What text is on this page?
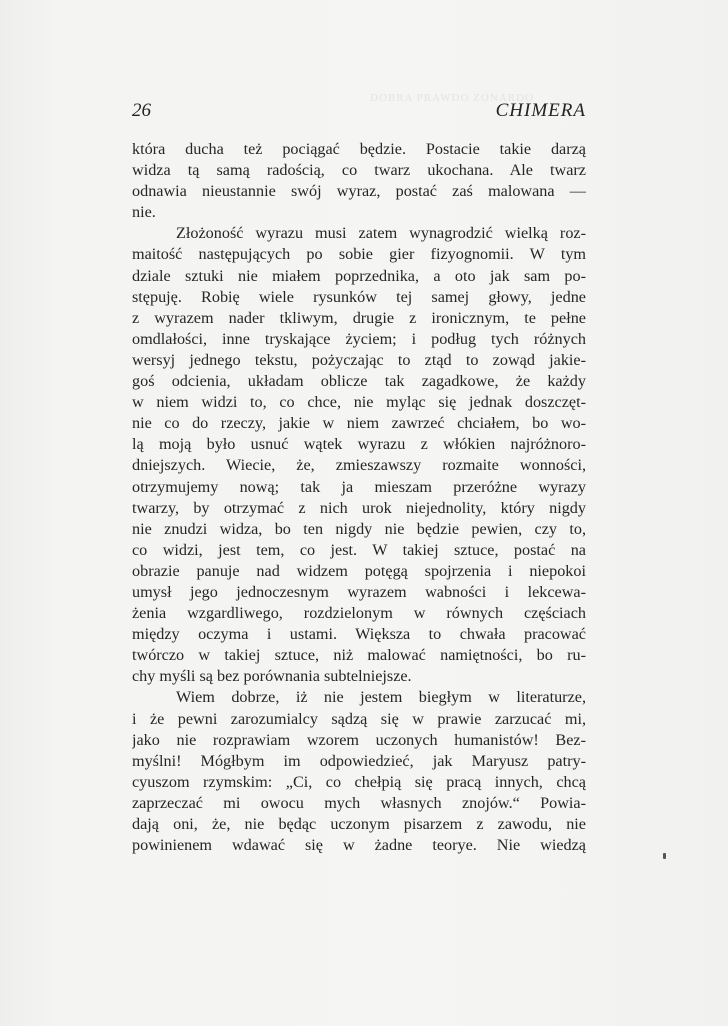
DOBRA PRAWDO ZONARDO
26	CHIMERA
która ducha też pociągać będzie. Postacie takie darzą
widza tą samą radością, co twarz ukochana. Ale twarz
odnawia nieustannie swój wyraz, postać zaś malowana —
nie.
Złożoność wyrazu musi zatem wynagrodzić wielką roz-
maitość następujących po sobie gier fizyognomii. W tym
dziale sztuki nie miałem poprzednika, a oto jak sam po-
stępuję. Robię wiele rysunków tej samej głowy, jedne
z wyrazem nader tkliwym, drugie z ironicznym, te pełne
omdlałości, inne tryskające życiem; i podług tych różnych
wersyj jednego tekstu, pożyczając to ztąd to zowąd jakie-
goś odcienia, układam oblicze tak zagadkowe, że każdy
w niem widzi to, co chce, nie myląc się jednak doszczęt-
nie co do rzeczy, jakie w niem zawrzeć chciałem, bo wo-
lą moją było usnuć wątek wyrazu z włókien najróżnoro-
dniejszych. Wiecie, że, zmieszawszy rozmaite wonności,
otrzymujemy nową; tak ja mieszam przeróżne wyrazy
twarzy, by otrzymać z nich urok niejednolity, który nigdy
nie znudzi widza, bo ten nigdy nie będzie pewien, czy to,
co widzi, jest tem, co jest. W takiej sztuce, postać na
obrazie panuje nad widzem potęgą spojrzenia i niepokoi
umysł jego jednoczesnym wyrazem wabności i lekcewa-
żenia wzgardliwego, rozdzielonym w równych częściach
między oczyma i ustami. Większa to chwała pracować
twórczo w takiej sztuce, niż malować namiętności, bo ru-
chy myśli są bez porównania subtelniejsze.
Wiem dobrze, iż nie jestem biegłym w literaturze,
i że pewni zarozumialcy sądzą się w prawie zarzucać mi,
jako nie rozprawiam wzorem uczonych humanistów! Bez-
myślni! Mógłbym im odpowiedzieć, jak Maryusz patry-
cyuszom rzymskim: „Ci, co chełpią się pracą innych, chcą
zaprzeczać mi owocu mych własnych znojów.“ Powia-
dają oni, że, nie będąc uczonym pisarzem z zawodu, nie
powinienem wdawać się w żadne teorye. Nie wiedzą
